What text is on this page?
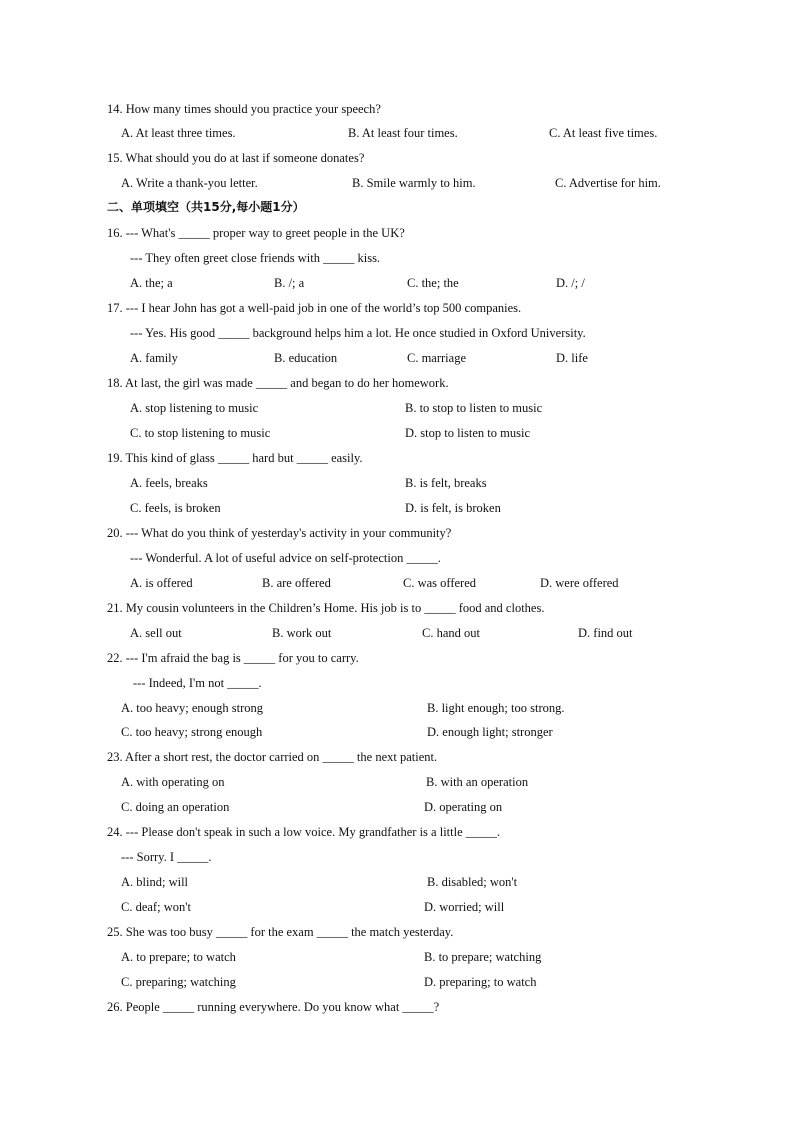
14. How many times should you practice your speech?
A. At least three times.	B. At least four times.	C. At least five times.
15. What should you do at last if someone donates?
A. Write a thank-you letter.	B. Smile warmly to him.	C. Advertise for him.
二、单项填空（共15分,每小题1分）
16. --- What's _____ proper way to greet people in the UK?
--- They often greet close friends with _____ kiss.
A. the; a	B. /; a	C. the; the	D. /; /
17. --- I hear John has got a well-paid job in one of the world’s top 500 companies.
--- Yes. His good _____ background helps him a lot. He once studied in Oxford University.
A. family	B. education	C. marriage	D. life
18. At last, the girl was made _____ and began to do her homework.
A. stop listening to music	B. to stop to listen to music
C. to stop listening to music	D. stop to listen to music
19. This kind of glass _____ hard but _____ easily.
A. feels, breaks	B. is felt, breaks
C. feels, is broken	D. is felt, is broken
20. --- What do you think of yesterday's activity in your community?
--- Wonderful. A lot of useful advice on self-protection _____.
A. is offered	B. are offered	C. was offered	D. were offered
21. My cousin volunteers in the Children’s Home. His job is to _____ food and clothes.
A. sell out	B. work out	C. hand out	D. find out
22. --- I'm afraid the bag is _____ for you to carry.
--- Indeed, I'm not _____.
A. too heavy; enough strong	B. light enough; too strong.
C. too heavy; strong enough	D. enough light; stronger
23. After a short rest, the doctor carried on _____ the next patient.
A. with operating on	B. with an operation
C. doing an operation	D. operating on
24. --- Please don't speak in such a low voice. My grandfather is a little _____.
--- Sorry. I _____.
A. blind; will	B. disabled; won't
C. deaf; won't	D. worried; will
25. She was too busy _____ for the exam _____ the match yesterday.
A. to prepare; to watch	B. to prepare; watching
C. preparing; watching	D. preparing; to watch
26. People _____ running everywhere. Do you know what _____?
